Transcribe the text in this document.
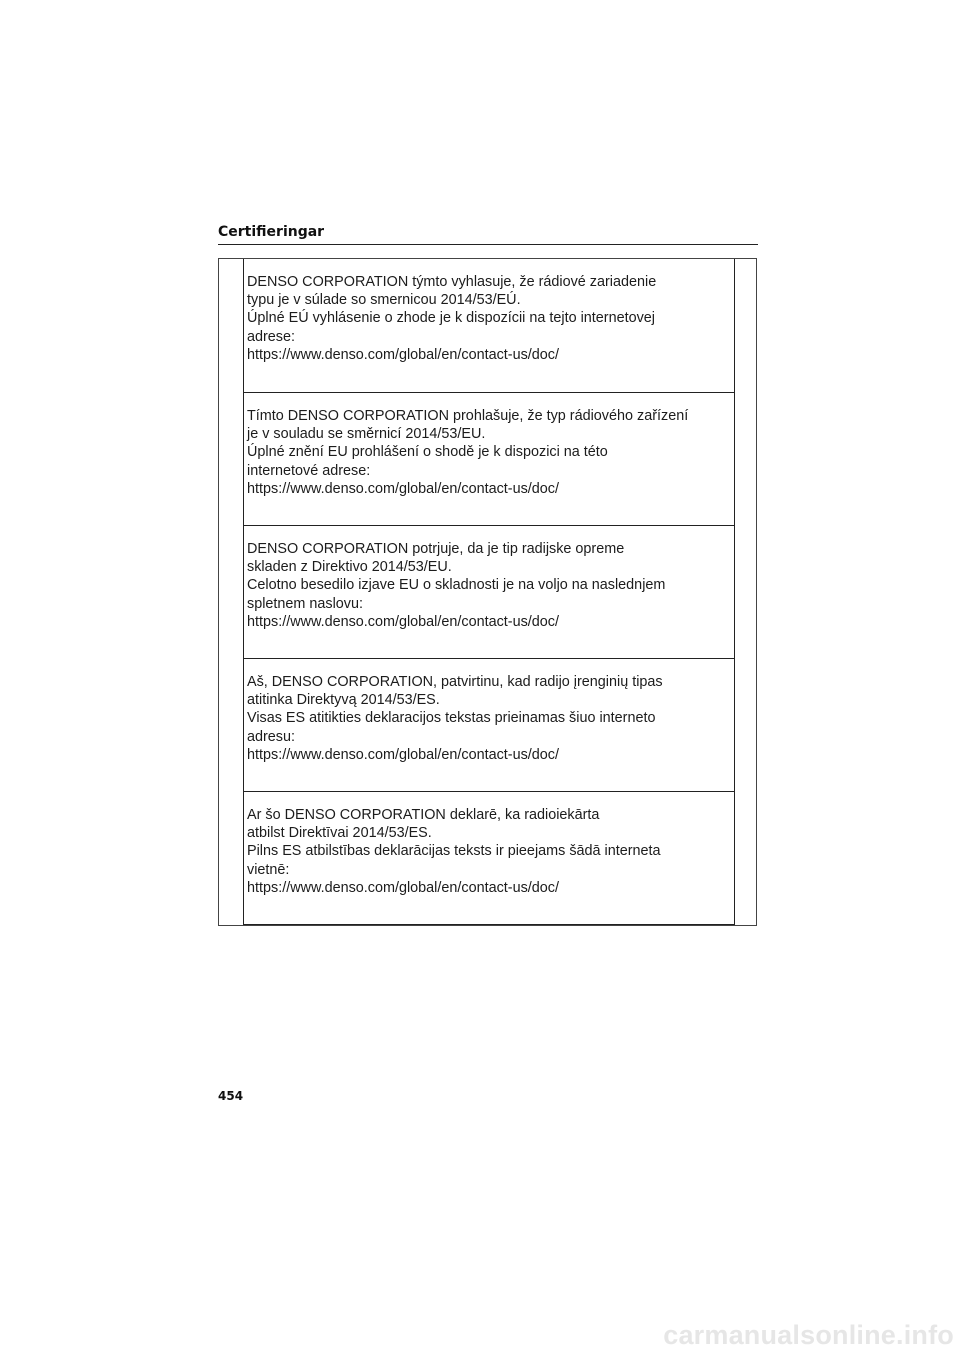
Certifieringar

DENSO CORPORATION týmto vyhlasuje, že rádiové zariadenie

typu je v súlade so smernicou 2014/53/EÚ.

Úplné EÚ vyhlásenie o zhode je k dispozícii na tejto internetovej

adrese:

https://www.denso.com/global/en/contact-us/doc/

Tímto DENSO CORPORATION prohlašuje, že typ rádiového zařízení

je v souladu se směrnicí 2014/53/EU.

Úplné znění EU prohlášení o shodě je k dispozici na této

internetové adrese:

https://www.denso.com/global/en/contact-us/doc/

DENSO CORPORATION potrjuje, da je tip radijske opreme

skladen z Direktivo 2014/53/EU.

Celotno besedilo izjave EU o skladnosti je na voljo na naslednjem

spletnem naslovu:

https://www.denso.com/global/en/contact-us/doc/

Aš, DENSO CORPORATION, patvirtinu, kad radijo įrenginių tipas

atitinka Direktyvą 2014/53/ES.

Visas ES atitikties deklaracijos tekstas prieinamas šiuo interneto

adresu:

https://www.denso.com/global/en/contact-us/doc/

Ar šo DENSO CORPORATION deklarē, ka radioiekārta

atbilst Direktīvai 2014/53/ES.

Pilns ES atbilstības deklarācijas teksts ir pieejams šādā interneta

vietnē:

https://www.denso.com/global/en/contact-us/doc/

454

carmanualsonline.info
